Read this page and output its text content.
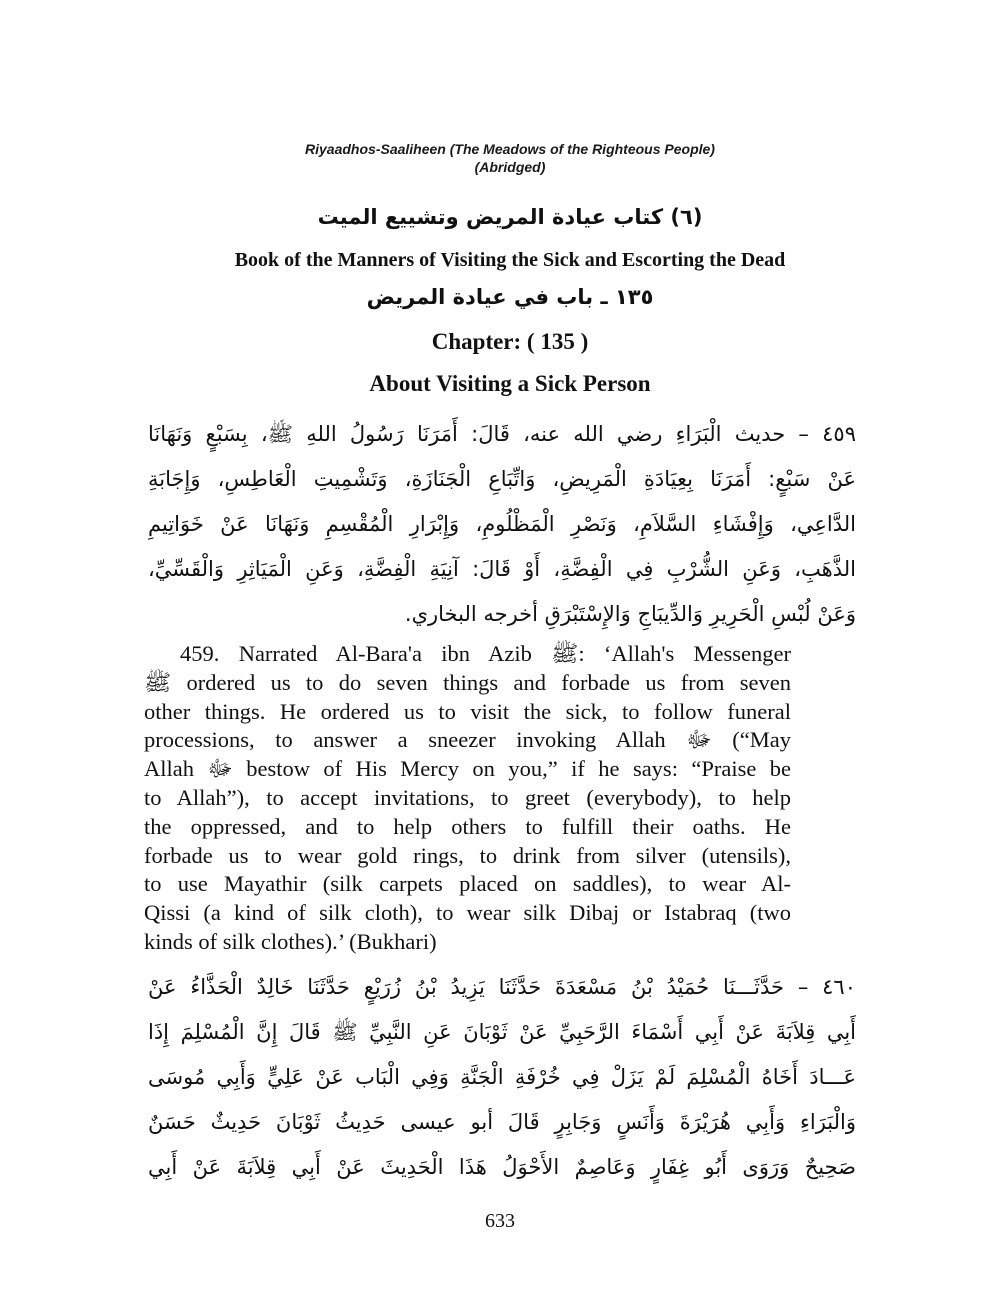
Riyaadhos-Saaliheen (The Meadows of the Righteous People)
(Abridged)
(٦) كتاب عيادة المريض وتشييع الميت
Book of the Manners of Visiting the Sick and Escorting the Dead
١٣٥ ـ باب في عيادة المريض
Chapter: ( 135 )
About Visiting a Sick Person
٤٥٩ – حديث الْبَرَاءِ رضي الله عنه، قَالَ: أَمَرَنَا رَسُولُ اللهِ ﷺ، بِسَبْعٍ وَنَهَانَا
عَنْ سَبْعٍ: أَمَرَنَا بِعِيَادَةِ الْمَرِيضِ، وَاتِّبَاعِ الْجَنَازَةِ، وَتَشْمِيتِ الْعَاطِسِ، وَإِجَابَةِ
الدَّاعِي، وَإِفْشَاءِ السَّلاَمِ، وَنَصْرِ الْمَظْلُومِ، وَإِبْرَارِ الْمُقْسِمِ وَنَهَانَا عَنْ خَوَاتِيمِ
الذَّهَبِ، وَعَنِ الشُّرْبِ فِي الْفِضَّةِ، أَوْ قَالَ: آنِيَةِ الْفِضَّةِ، وَعَنِ الْمَيَاثِرِ وَالْقَسِّيِّ،
وَعَنْ لُبْسِ الْحَرِيرِ وَالدِّيبَاجِ وَالإِسْتَبْرَقِ أخرجه البخاري.
459. Narrated Al-Bara'a ibn Azib ﷺ: ‘Allah's Messenger
ﷺ ordered us to do seven things and forbade us from seven
other things. He ordered us to visit the sick, to follow funeral
processions, to answer a sneezer invoking Allah ﷻ (“May
Allah ﷻ bestow of His Mercy on you,” if he says: “Praise be
to Allah”), to accept invitations, to greet (everybody), to help
the oppressed, and to help others to fulfill their oaths. He
forbade us to wear gold rings, to drink from silver (utensils),
to use Mayathir (silk carpets placed on saddles), to wear Al-
Qissi (a kind of silk cloth), to wear silk Dibaj or Istabraq (two
kinds of silk clothes).’ (Bukhari)
٤٦٠ – حَدَّثَـــنَا حُمَيْدُ بْنُ مَسْعَدَةَ حَدَّثَنَا يَزِيدُ بْنُ زُرَيْعٍ حَدَّثَنَا خَالِدٌ الْحَذَّاءُ عَنْ
أَبِي قِلاَبَةَ عَنْ أَبِي أَسْمَاءَ الرَّحَبِيِّ عَنْ ثَوْبَانَ عَنِ النَّبِيِّ ﷺ قَالَ إِنَّ الْمُسْلِمَ إِذَا
عَـــادَ أَخَاهُ الْمُسْلِمَ لَمْ يَزَلْ فِي خُرْفَةِ الْجَنَّةِ وَفِي الْبَاب عَنْ عَلِيٍّ وَأَبِي مُوسَى
وَالْبَرَاءِ وَأَبِي هُرَيْرَةَ وَأَنَسٍ وَجَابِرٍ قَالَ أبو عيسى حَدِيثُ ثَوْبَانَ حَدِيثٌ حَسَنٌ
صَحِيحٌ وَرَوَى أَبُو غِفَارٍ وَعَاصِمٌ الأَحْوَلُ هَذَا الْحَدِيثَ عَنْ أَبِي قِلاَبَةَ عَنْ أَبِي
633
